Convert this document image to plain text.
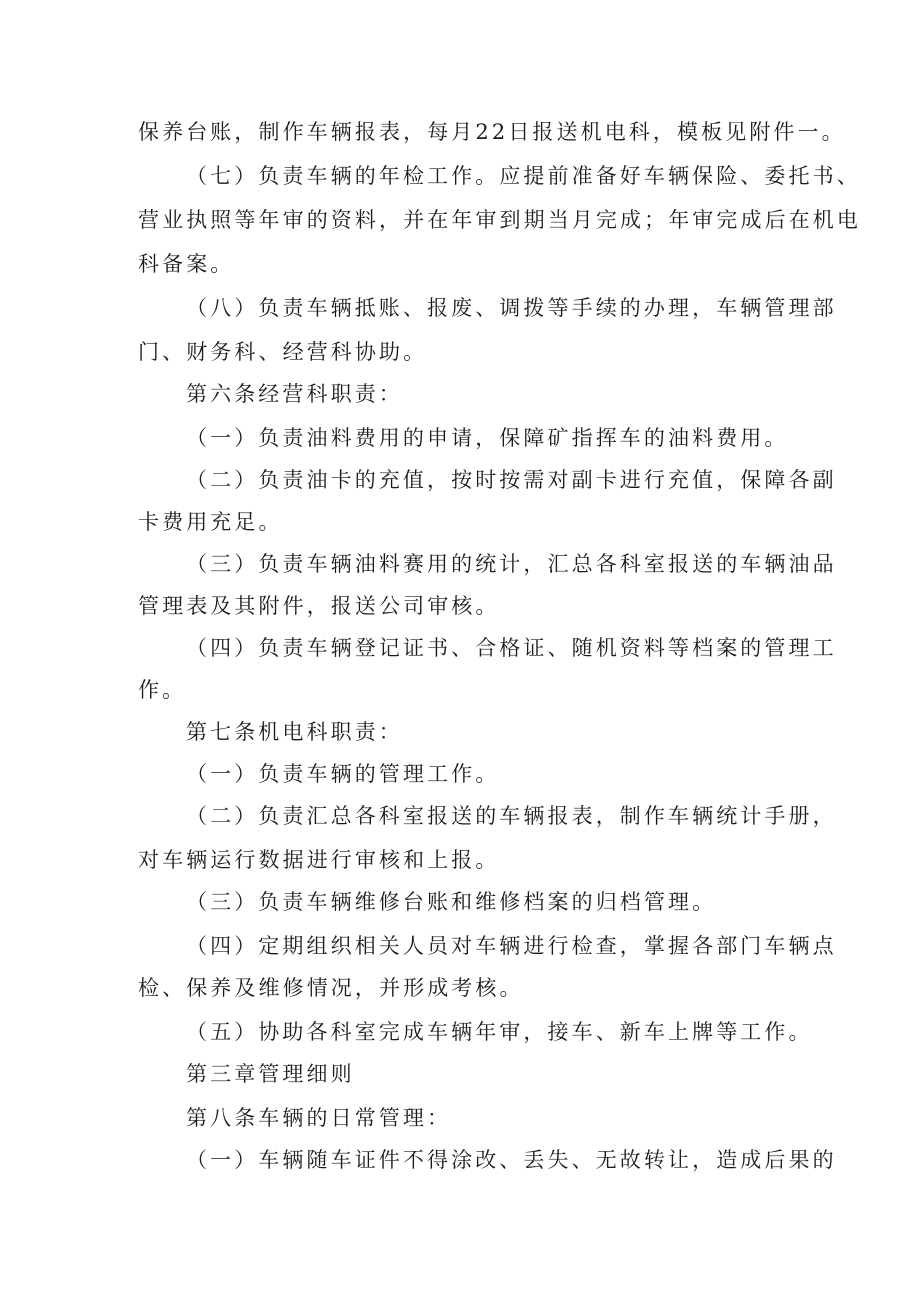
保养台账，制作车辆报表，每月22日报送机电科，模板见附件一。
（七）负责车辆的年检工作。应提前准备好车辆保险、委托书、
营业执照等年审的资料，并在年审到期当月完成；年审完成后在机电
科备案。
（八）负责车辆抵账、报废、调拨等手续的办理，车辆管理部
门、财务科、经营科协助。
第六条经营科职责：
（一）负责油料费用的申请，保障矿指挥车的油料费用。
（二）负责油卡的充值，按时按需对副卡进行充值，保障各副
卡费用充足。
（三）负责车辆油料赛用的统计，汇总各科室报送的车辆油品
管理表及其附件，报送公司审核。
（四）负责车辆登记证书、合格证、随机资料等档案的管理工
作。
第七条机电科职责：
（一）负责车辆的管理工作。
（二）负责汇总各科室报送的车辆报表，制作车辆统计手册，
对车辆运行数据进行审核和上报。
（三）负责车辆维修台账和维修档案的归档管理。
（四）定期组织相关人员对车辆进行检查，掌握各部门车辆点
检、保养及维修情况，并形成考核。
（五）协助各科室完成车辆年审，接车、新车上牌等工作。
第三章管理细则
第八条车辆的日常管理：
（一）车辆随车证件不得涂改、丢失、无故转让，造成后果的
